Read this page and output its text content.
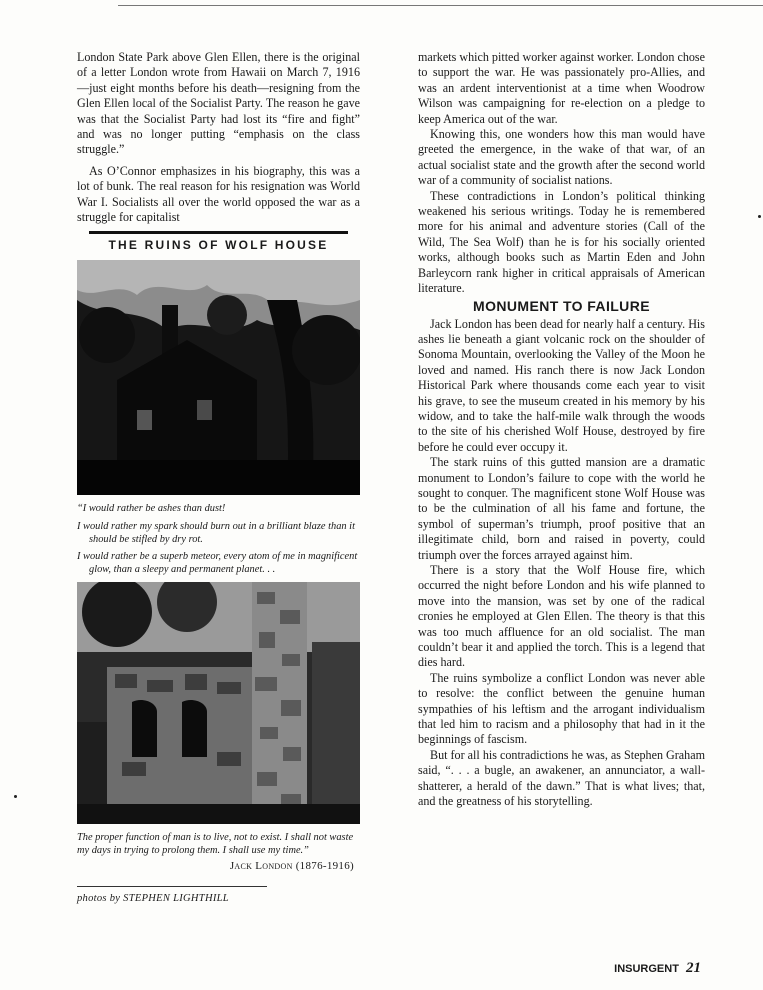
London State Park above Glen Ellen, there is the original of a letter London wrote from Hawaii on March 7, 1916—just eight months before his death—resigning from the Glen Ellen local of the Socialist Party. The reason he gave was that the Socialist Party had lost its “fire and fight” and was no longer putting “emphasis on the class struggle.”

As O’Connor emphasizes in his biography, this was a lot of bunk. The real reason for his resignation was World War I. Socialists all over the world opposed the war as a struggle for capitalist

THE RUINS OF WOLF HOUSE
“I would rather be ashes than dust!
I would rather my spark should burn out in a brilliant blaze than it should be stifled by dry rot.
I would rather be a superb meteor, every atom of me in magnificent glow, than a sleepy and permanent planet. . .

The proper function of man is to live, not to exist. I shall not waste my days in trying to prolong them. I shall use my time.”

Jack London (1876-1916)
photos by STEPHEN LIGHTHILL

markets which pitted worker against worker. London chose to support the war. He was passionately pro-Allies, and was an ardent interventionist at a time when Woodrow Wilson was campaigning for re-election on a pledge to keep America out of the war.

Knowing this, one wonders how this man would have greeted the emergence, in the wake of that war, of an actual socialist state and the growth after the second world war of a community of socialist nations.

These contradictions in London’s political thinking weakened his serious writings. Today he is remembered more for his animal and adventure stories (Call of the Wild, The Sea Wolf) than he is for his socially oriented works, although books such as Martin Eden and John Barleycorn rank higher in critical appraisals of American literature.

MONUMENT TO FAILURE

Jack London has been dead for nearly half a century. His ashes lie beneath a giant volcanic rock on the shoulder of Sonoma Mountain, overlooking the Valley of the Moon he loved and named. His ranch there is now Jack London Historical Park where thousands come each year to visit his grave, to see the museum created in his memory by his widow, and to take the half-mile walk through the woods to the site of his cherished Wolf House, destroyed by fire before he could ever occupy it.

The stark ruins of this gutted mansion are a dramatic monument to London’s failure to cope with the world he sought to conquer. The magnificent stone Wolf House was to be the culmination of all his fame and fortune, the symbol of superman’s triumph, proof positive that an illegitimate child, born and raised in poverty, could triumph over the forces arrayed against him.

There is a story that the Wolf House fire, which occurred the night before London and his wife planned to move into the mansion, was set by one of the radical cronies he employed at Glen Ellen. The theory is that this was too much affluence for an old socialist. The man couldn’t bear it and applied the torch. This is a legend that dies hard.

The ruins symbolize a conflict London was never able to resolve: the conflict between the genuine human sympathies of his leftism and the arrogant individualism that led him to racism and a philosophy that had in it the beginnings of fascism.

But for all his contradictions he was, as Stephen Graham said, “. . . a bugle, an awakener, an annunciator, a wall-shatterer, a herald of the dawn.” That is what lives; that, and the greatness of his storytelling.

INSURGENT 21
